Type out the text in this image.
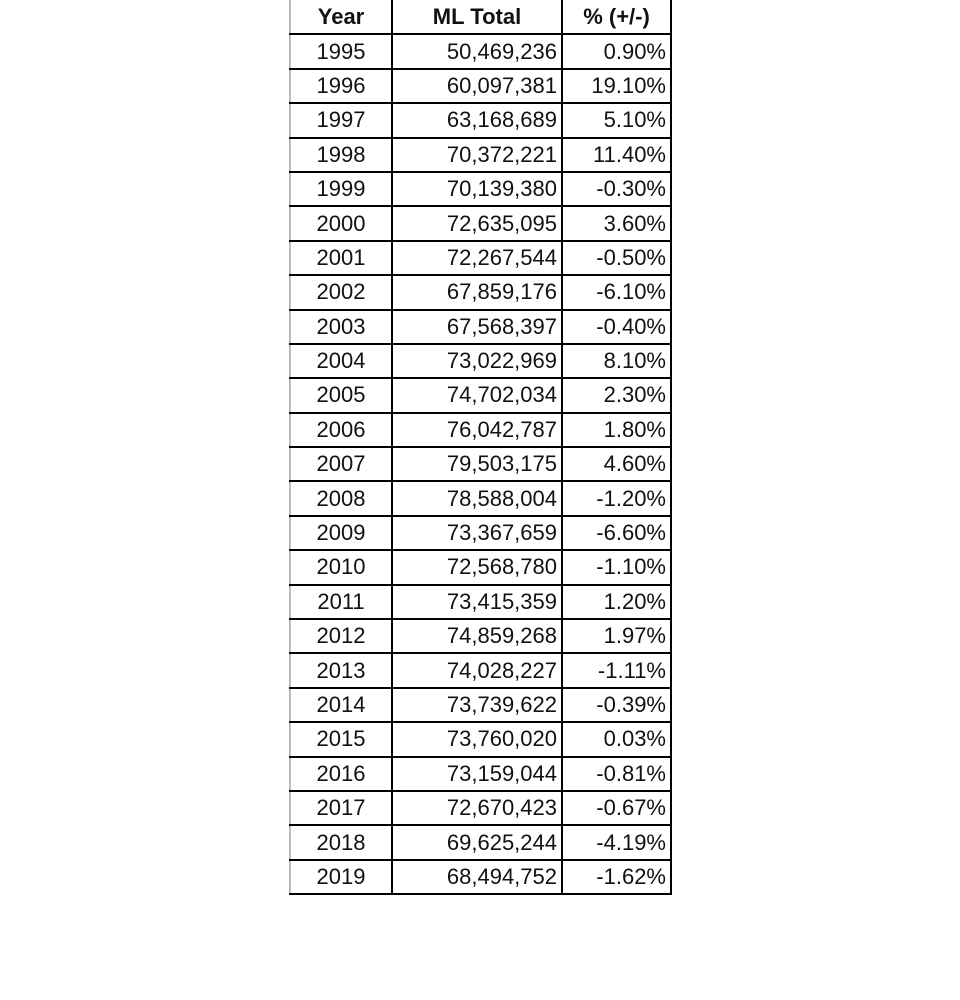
Year	ML Total	% (+/-)
1995	50,469,236	0.90%
1996	60,097,381	19.10%
1997	63,168,689	5.10%
1998	70,372,221	11.40%
1999	70,139,380	-0.30%
2000	72,635,095	3.60%
2001	72,267,544	-0.50%
2002	67,859,176	-6.10%
2003	67,568,397	-0.40%
2004	73,022,969	8.10%
2005	74,702,034	2.30%
2006	76,042,787	1.80%
2007	79,503,175	4.60%
2008	78,588,004	-1.20%
2009	73,367,659	-6.60%
2010	72,568,780	-1.10%
2011	73,415,359	1.20%
2012	74,859,268	1.97%
2013	74,028,227	-1.11%
2014	73,739,622	-0.39%
2015	73,760,020	0.03%
2016	73,159,044	-0.81%
2017	72,670,423	-0.67%
2018	69,625,244	-4.19%
2019	68,494,752	-1.62%
